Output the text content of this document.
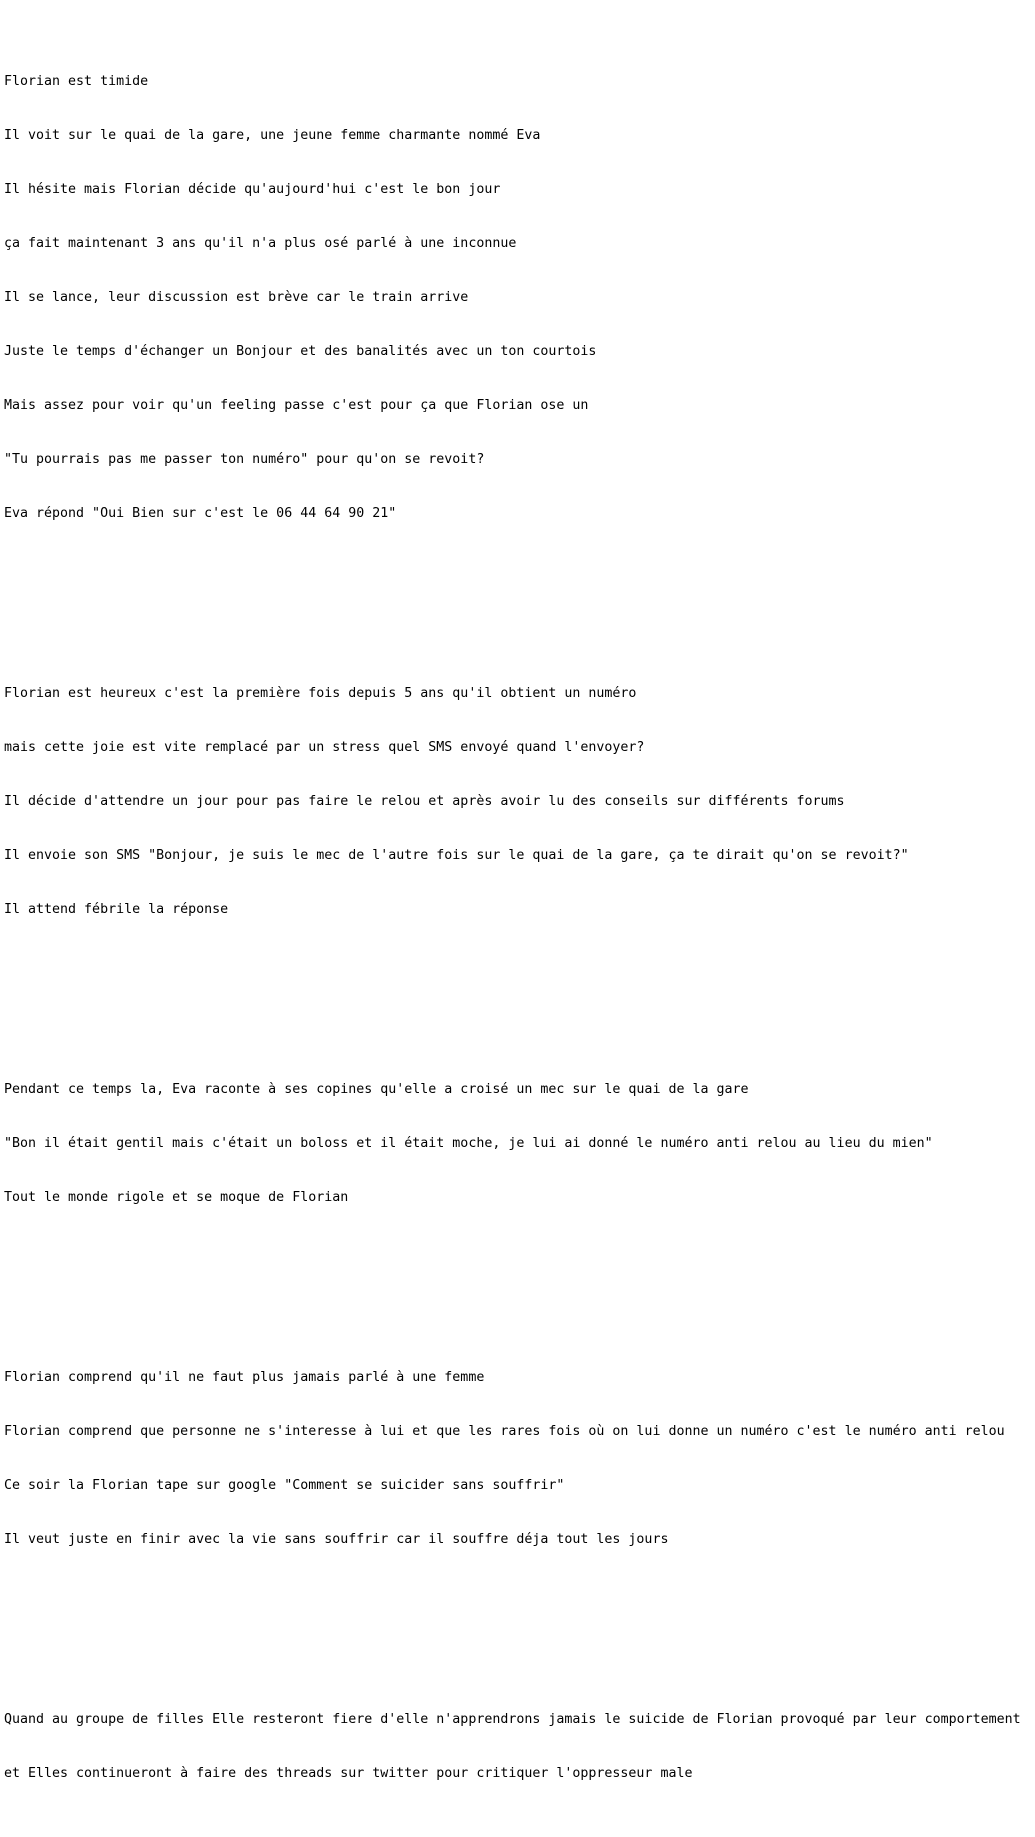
Florian est timide

Il voit sur le quai de la gare, une jeune femme charmante nommé Eva

Il hésite mais Florian décide qu'aujourd'hui c'est le bon jour

ça fait maintenant 3 ans qu'il n'a plus osé parlé à une inconnue

Il se lance, leur discussion est brève car le train arrive

Juste le temps d'échanger un Bonjour et des banalités avec un ton courtois

Mais assez pour voir qu'un feeling passe c'est pour ça que Florian ose un

"Tu pourrais pas me passer ton numéro" pour qu'on se revoit?

Eva répond "Oui Bien sur c'est le 06 44 64 90 21"

Florian est heureux c'est la première fois depuis 5 ans qu'il obtient un numéro

mais cette joie est vite remplacé par un stress quel SMS envoyé quand l'envoyer?

Il décide d'attendre un jour pour pas faire le relou et après avoir lu des conseils sur différents forums

Il envoie son SMS "Bonjour, je suis le mec de l'autre fois sur le quai de la gare, ça te dirait qu'on se revoit?"

Il attend fébrile la réponse

Pendant ce temps la, Eva raconte à ses copines qu'elle a croisé un mec sur le quai de la gare

"Bon il était gentil mais c'était un boloss et il était moche, je lui ai donné le numéro anti relou au lieu du mien"

Tout le monde rigole et se moque de Florian

Florian comprend qu'il ne faut plus jamais parlé à une femme

Florian comprend que personne ne s'interesse à lui et que les rares fois où on lui donne un numéro c'est le numéro anti relou

Ce soir la Florian tape sur google "Comment se suicider sans souffrir"

Il veut juste en finir avec la vie sans souffrir car il souffre déja tout les jours

Quand au groupe de filles Elle resteront fiere d'elle n'apprendrons jamais le suicide de Florian provoqué par leur comportement

et Elles continueront à faire des threads sur twitter pour critiquer l'oppresseur male
